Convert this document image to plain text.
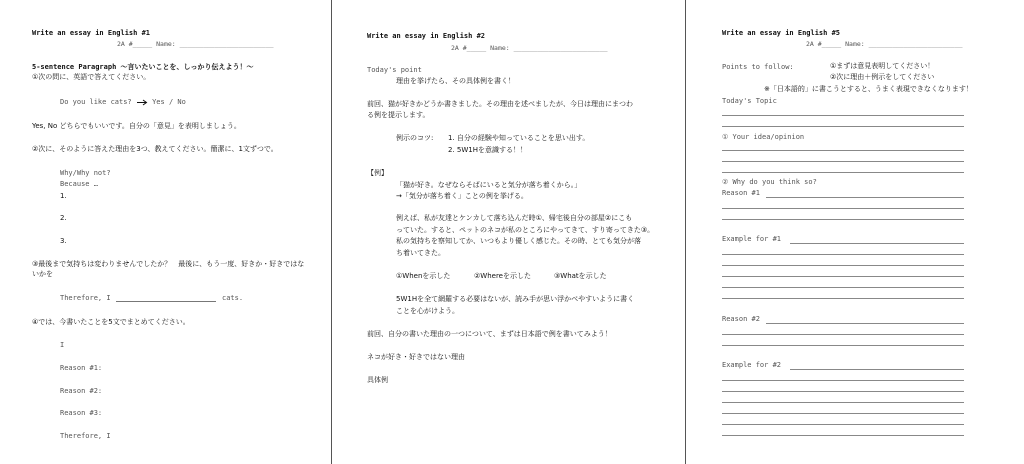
Write an essay in English #1
2A #_____ Name: ________________________
5-sentence Paragraph 〜言いたいことを、しっかり伝えよう！〜
①次の問に、英語で答えてください。
Do you like cats?	Yes / No
Yes, No どちらでもいいです。自分の「意見」を表明しましょう。
②次に、そのように答えた理由を3つ、教えてください。簡潔に、1文ずつで。
Why/Why not?
Because …
1.
2.
3.
③最後まで気持ちは変わりませんでしたか？　最後に、もう一度、好きか・好きではな
いかを
Therefore, I	cats.
④では、今書いたことを5文でまとめてください。
I
Reason #1:
Reason #2:
Reason #3:
Therefore, I
Write an essay in English #2
2A #_____ Name: ________________________
Today's point
理由を挙げたら、その具体例を書く！
前回、猫が好きかどうか書きました。その理由を述べましたが、今日は理由にまつわ
る例を提示します。
例示のコツ: 1. 自分の経験や知っていることを思い出す。
2. 5W1Hを意識する！！
【例】
「猫が好き。なぜならそばにいると気分が落ち着くから。」
→「気分が落ち着く」ことの例を挙げる。
例えば、私が友達とケンカして落ち込んだ時①、帰宅後自分の部屋②にこも
っていた。すると、ペットのネコが私のところにやってきて、すり寄ってきた③。
私の気持ちを察知してか、いつもより優しく感じた。その時、とても気分が落
ち着いてきた。
①Whenを示した	②Whereを示した	③Whatを示した
5W1Hを全て網羅する必要はないが、読み手が思い浮かべやすいように書く
ことを心がけよう。
前回、自分の書いた理由の一つについて、まずは日本語で例を書いてみよう！
ネコが好き・好きではない理由
具体例
Write an essay in English #5
2A #_____ Name: ________________________
Points to follow:	①まずは意見表明してください！
②次に理由＋例示をしてください
※「日本語的」に書こうとすると、うまく表現できなくなります！
Today's Topic
① Your idea/opinion
② Why do you think so?
Reason #1
Example for #1
Reason #2
Example for #2
